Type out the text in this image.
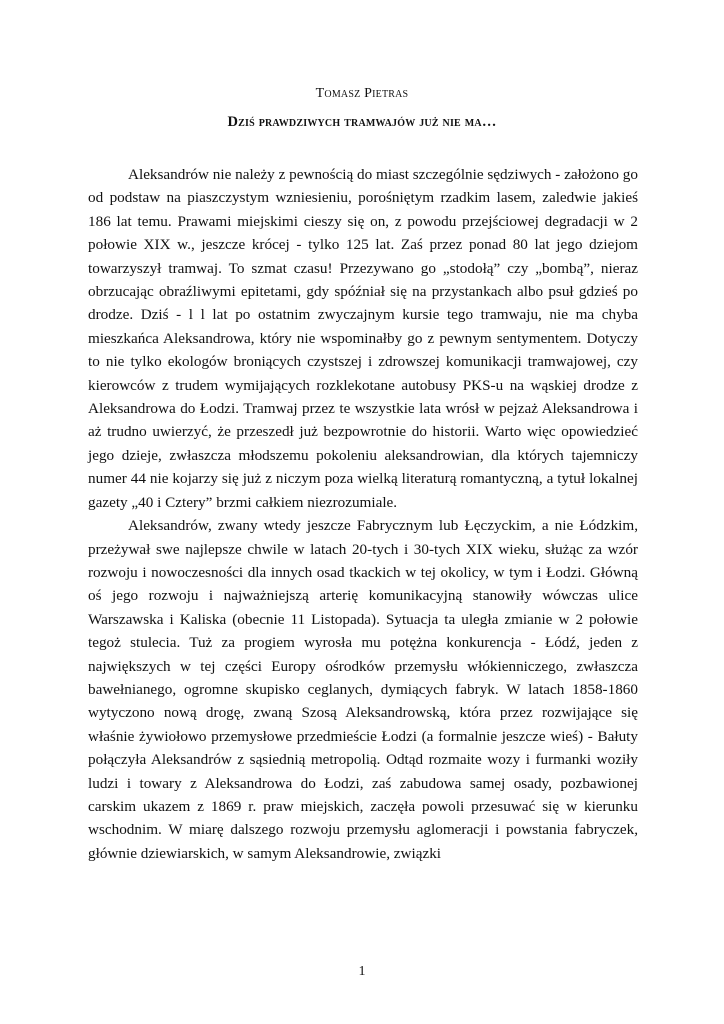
Tomasz Pietras
Dziś prawdziwych tramwajów już nie ma…

Aleksandrów nie należy z pewnością do miast szczególnie sędziwych - założono go od podstaw na piaszczystym wzniesieniu, porośniętym rzadkim lasem, zaledwie jakieś 186 lat temu. Prawami miejskimi cieszy się on, z powodu przejściowej degradacji w 2 połowie XIX w., jeszcze krócej - tylko 125 lat. Zaś przez ponad 80 lat jego dziejom towarzyszył tramwaj. To szmat czasu! Przezywano go „stodołą” czy „bombą”, nieraz obrzucając obraźliwymi epitetami, gdy spóźniał się na przystankach albo psuł gdzieś po drodze. Dziś - l l lat po ostatnim zwyczajnym kursie tego tramwaju, nie ma chyba mieszkańca Aleksandrowa, który nie wspominałby go z pewnym sentymentem. Dotyczy to nie tylko ekologów broniących czystszej i zdrowszej komunikacji tramwajowej, czy kierowców z trudem wymijających rozklekotane autobusy PKS-u na wąskiej drodze z Aleksandrowa do Łodzi. Tramwaj przez te wszystkie lata wrósł w pejzaż Aleksandrowa i aż trudno uwierzyć, że przeszedł już bezpowrotnie do historii. Warto więc opowiedzieć jego dzieje, zwłaszcza młodszemu pokoleniu aleksandrowian, dla których tajemniczy numer 44 nie kojarzy się już z niczym poza wielką literaturą romantyczną, a tytuł lokalnej gazety „40 i Cztery” brzmi całkiem niezrozumiale.

Aleksandrów, zwany wtedy jeszcze Fabrycznym lub Łęczyckim, a nie Łódzkim, przeżywał swe najlepsze chwile w latach 20-tych i 30-tych XIX wieku, służąc za wzór rozwoju i nowoczesności dla innych osad tkackich w tej okolicy, w tym i Łodzi. Główną oś jego rozwoju i najważniejszą arterię komunikacyjną stanowiły wówczas ulice Warszawska i Kaliska (obecnie 11 Listopada). Sytuacja ta uległa zmianie w 2 połowie tegoż stulecia. Tuż za progiem wyrosła mu potężna konkurencja - Łódź, jeden z największych w tej części Europy ośrodków przemysłu włókienniczego, zwłaszcza bawełnianego, ogromne skupisko ceglanych, dymiących fabryk. W latach 1858-1860 wytyczono nową drogę, zwaną Szosą Aleksandrowską, która przez rozwijające się właśnie żywiołowo przemysłowe przedmieście Łodzi (a formalnie jeszcze wieś) - Bałuty połączyła Aleksandrów z sąsiednią metropolią. Odtąd rozmaite wozy i furmanki woziły ludzi i towary z Aleksandrowa do Łodzi, zaś zabudowa samej osady, pozbawionej carskim ukazem z 1869 r. praw miejskich, zaczęła powoli przesuwać się w kierunku wschodnim. W miarę dalszego rozwoju przemysłu aglomeracji i powstania fabryczek, głównie dziewiarskich, w samym Aleksandrowie, związki

1
